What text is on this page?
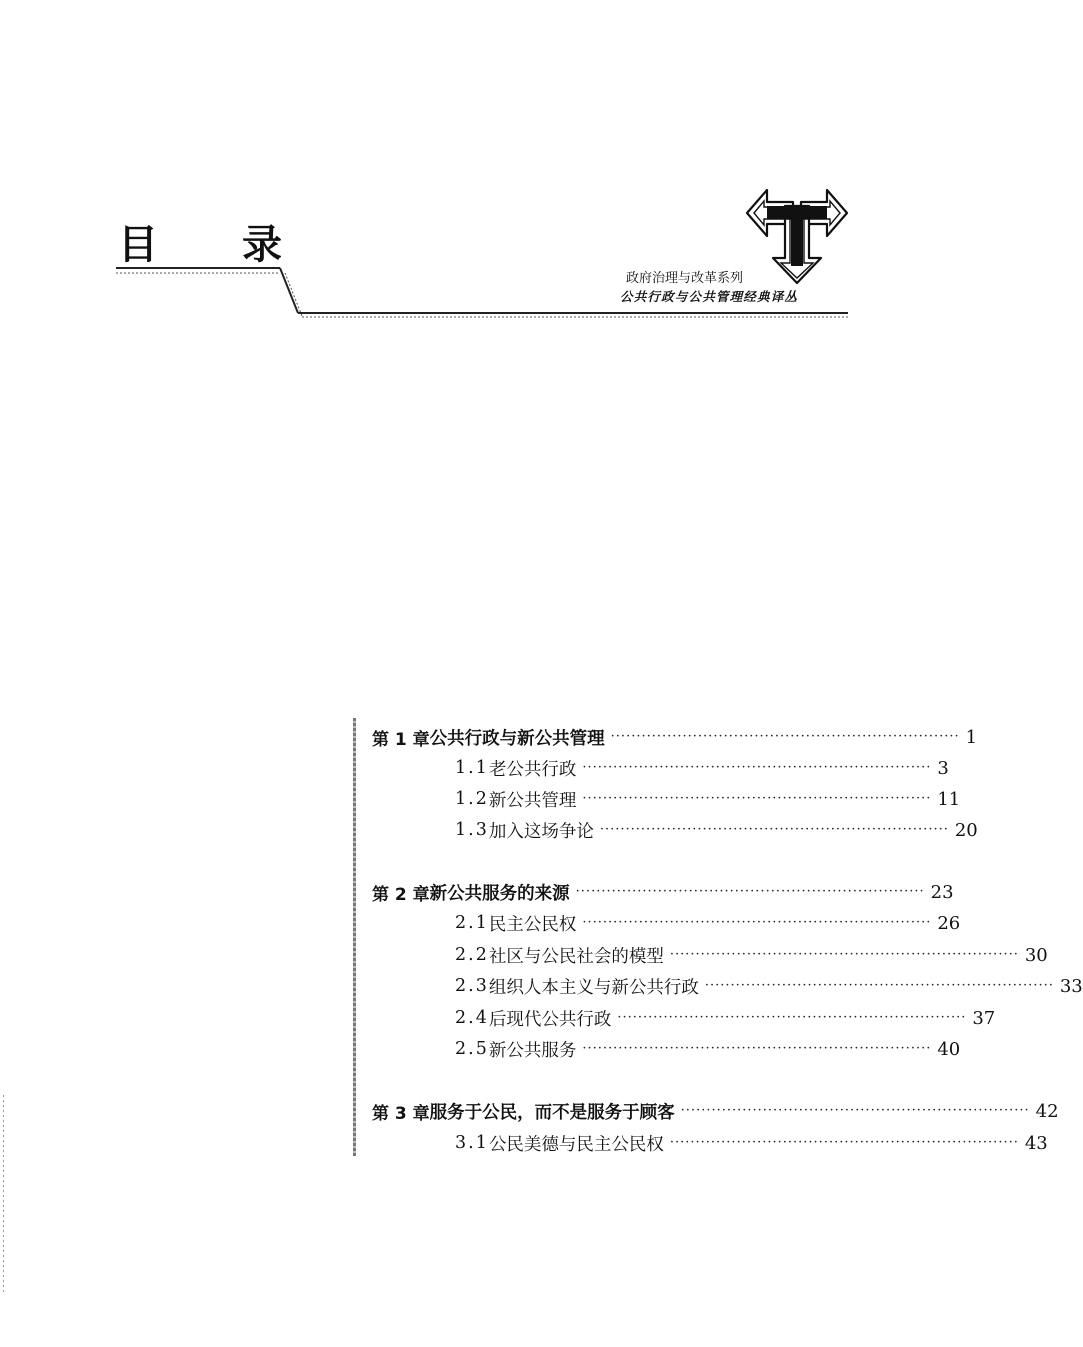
目 录
政府治理与改革系列
公共行政与公共管理经典译丛
第 1 章 公共行政与新公共管理 ···································································· 1
1.1 老公共行政 ···································································· 3
1.2 新公共管理 ···································································· 11
1.3 加入这场争论 ···································································· 20
第 2 章 新公共服务的来源 ···································································· 23
2.1 民主公民权 ···································································· 26
2.2 社区与公民社会的模型 ···································································· 30
2.3 组织人本主义与新公共行政 ···································································· 33
2.4 后现代公共行政 ···································································· 37
2.5 新公共服务 ···································································· 40
第 3 章 服务于公民，而不是服务于顾客 ···································································· 42
3.1 公民美德与民主公民权 ···································································· 43
